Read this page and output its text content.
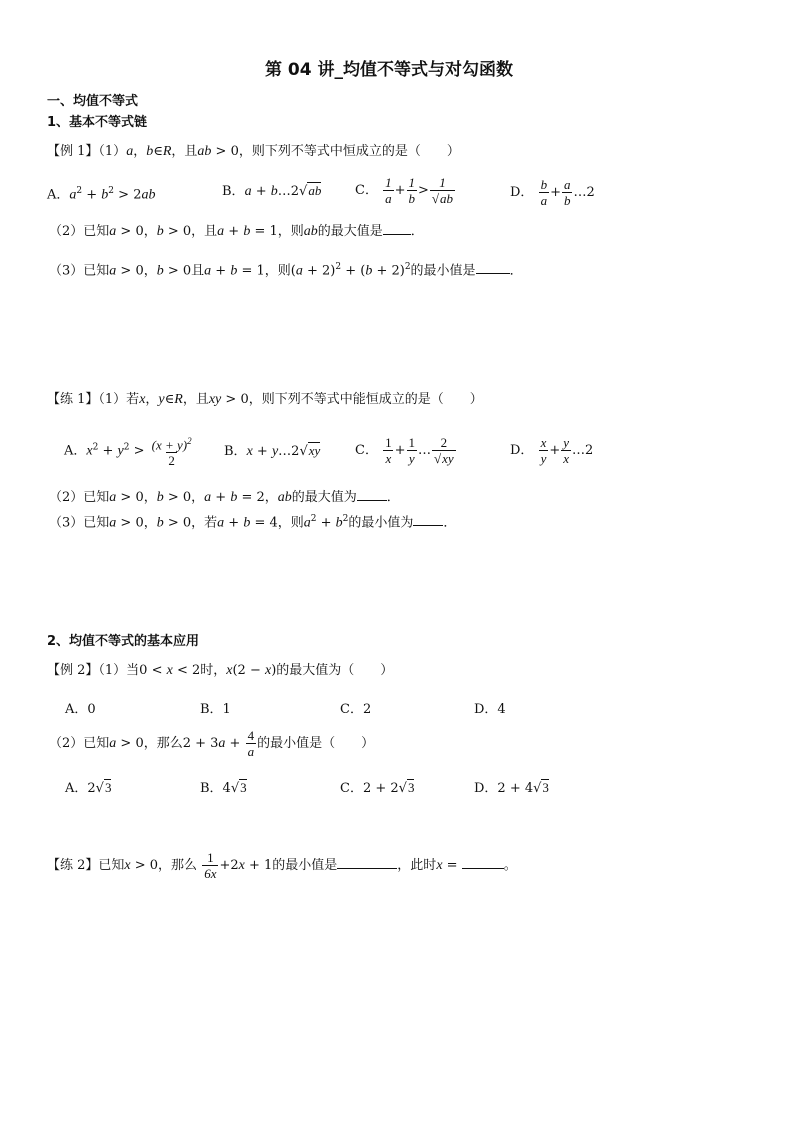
第 04 讲_均值不等式与对勾函数
一、均值不等式
1、基本不等式链
【例 1】（1）a，b∈R，且ab > 0，则下列不等式中恒成立的是（　　）
A．$a^2 + b^2 > 2ab$	B．a + b…2√ab	C． $\frac{1}{a} + \frac{1}{b} > \frac{1}{√ab}$	D． $\frac{b}{a} + \frac{a}{b}$ …2
（2）已知a > 0，b > 0，且a + b = 1，则ab的最大值是 ．
（3）已知a > 0，b > 0且a + b = 1，则$(a + 2)^2 + (b + 2)^2$的最小值是	．
【练 1】（1）若x，y∈R，且xy > 0，则下列不等式中能恒成立的是（　　）
A．$x^2 + y^2 > \frac{(x + y)^2}{2}$ B．x + y…2√xy	C． $\frac{1}{x} + \frac{1}{y}$ … $\frac{2}{√xy}$	D． $\frac{x}{y} + \frac{y}{x}$ …2
（2）已知a > 0，b > 0，a + b = 2，ab的最大值为 ．
（3）已知a > 0，b > 0，若a + b = 4，则$a^2 + b^2$的最小值为 ．
2、均值不等式的基本应用
【例 2】（1）当0 < x < 2时，x(2 − x)的最大值为（　　）
A．0	B．1	C．2	D．4
（2）已知a > 0，那么$2 + 3a + \frac{4}{a}$ 的最小值是（　　）
A．2√3	B．4√3	C．2 + 2√3	D．2 + 4√3
【练 2】已知x > 0，那么 $\frac{1}{6x} +2x + 1$的最小值是	，此时x =	。
